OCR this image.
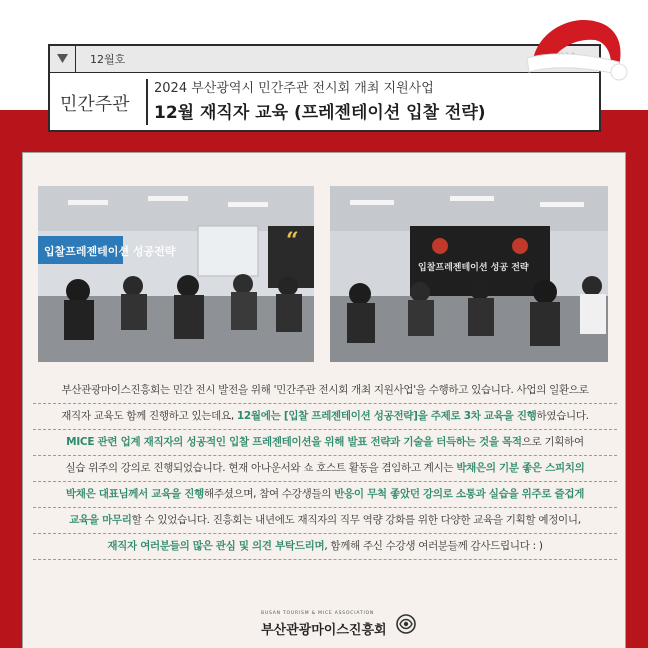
12월호
민간주관
2024 부산광역시 민간주관 전시회 개최 지원사업
12월 재직자 교육 (프레젠테이션 입찰 전략)
입찰프레젠테이션 성공전략	“
입찰프레젠테이션 성공 전략
부산관광마이스진흥회는 민간 전시 발전을 위해 '민간주관 전시회 개최 지원사업'을 수행하고 있습니다. 사업의 일환으로
재직자 교육도 함께 진행하고 있는데요, 12월에는 [입찰 프레젠테이션 성공전략]을 주제로 3차 교육을 진행하였습니다.
MICE 관련 업계 재직자의 성공적인 입찰 프레젠테이션을 위해 발표 전략과 기술을 터득하는 것을 목적으로 기획하여
실습 위주의 강의로 진행되었습니다. 현재 아나운서와 쇼 호스트 활동을 겸임하고 계시는 박채은의 기분 좋은 스피치의
박채은 대표님께서 교육을 진행해주셨으며, 참여 수강생들의 반응이 무척 좋았던 강의로 소통과 실습을 위주로 즐겁게
교육을 마무리할 수 있었습니다. 진흥회는 내년에도 재직자의 직무 역량 강화를 위한 다양한 교육을 기획할 예정이니,
재직자 여러분들의 많은 관심 및 의견 부탁드리며, 함께해 주신 수강생 여러분들께 감사드립니다 : )
BUSAN TOURISM & MICE ASSOCIATION
부산관광마이스진흥회
